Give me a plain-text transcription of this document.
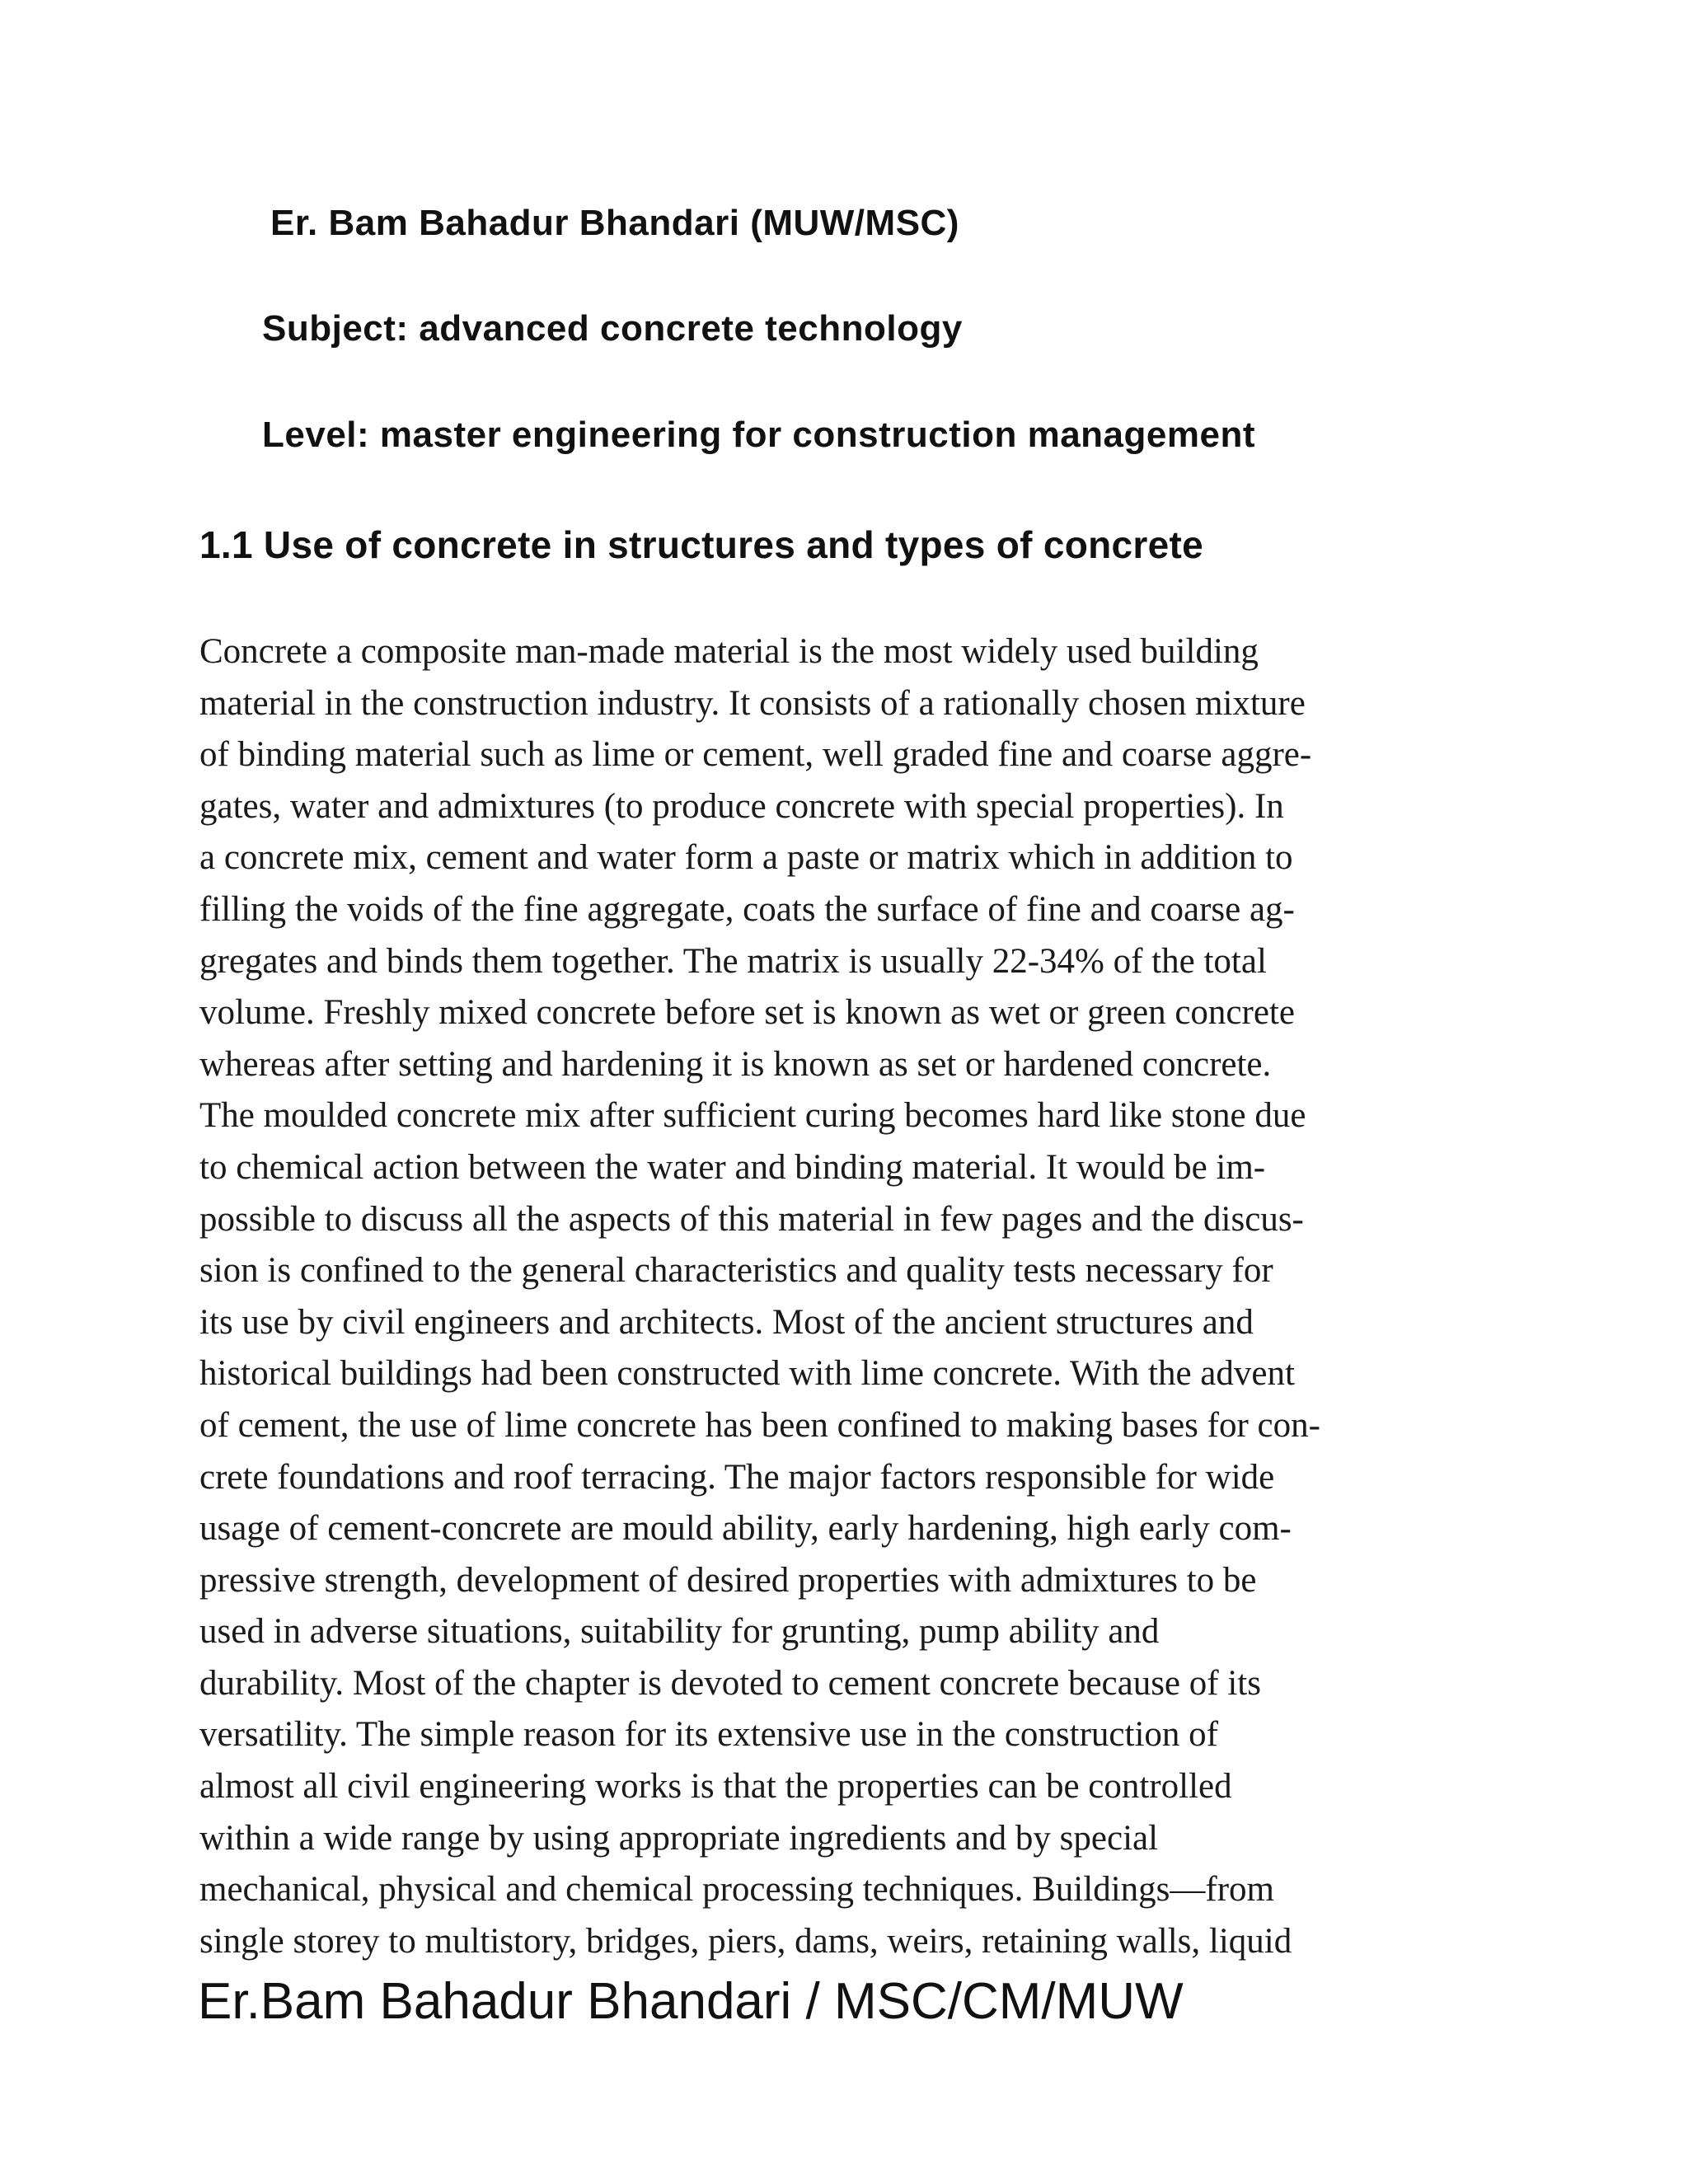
Er. Bam Bahadur Bhandari (MUW/MSC)
Subject: advanced concrete technology
Level: master engineering for construction management
1.1 Use of concrete in structures and types of concrete
Concrete a composite man-made material is the most widely used building
material in the construction industry. It consists of a rationally chosen mixture
of binding material such as lime or cement, well graded fine and coarse aggre-
gates, water and admixtures (to produce concrete with special properties). In
a concrete mix, cement and water form a paste or matrix which in addition to
filling the voids of the fine aggregate, coats the surface of fine and coarse ag-
gregates and binds them together. The matrix is usually 22-34% of the total
volume. Freshly mixed concrete before set is known as wet or green concrete
whereas after setting and hardening it is known as set or hardened concrete.
The moulded concrete mix after sufficient curing becomes hard like stone due
to chemical action between the water and binding material. It would be im-
possible to discuss all the aspects of this material in few pages and the discus-
sion is confined to the general characteristics and quality tests necessary for
its use by civil engineers and architects. Most of the ancient structures and
historical buildings had been constructed with lime concrete. With the advent
of cement, the use of lime concrete has been confined to making bases for con-
crete foundations and roof terracing. The major factors responsible for wide
usage of cement-concrete are mould ability, early hardening, high early com-
pressive strength, development of desired properties with admixtures to be
used in adverse situations, suitability for grunting, pump ability and
durability. Most of the chapter is devoted to cement concrete because of its
versatility. The simple reason for its extensive use in the construction of
almost all civil engineering works is that the properties can be controlled
within a wide range by using appropriate ingredients and by special
mechanical, physical and chemical processing techniques. Buildings—from
single storey to multistory, bridges, piers, dams, weirs, retaining walls, liquid
Er.Bam Bahadur Bhandari / MSC/CM/MUW
